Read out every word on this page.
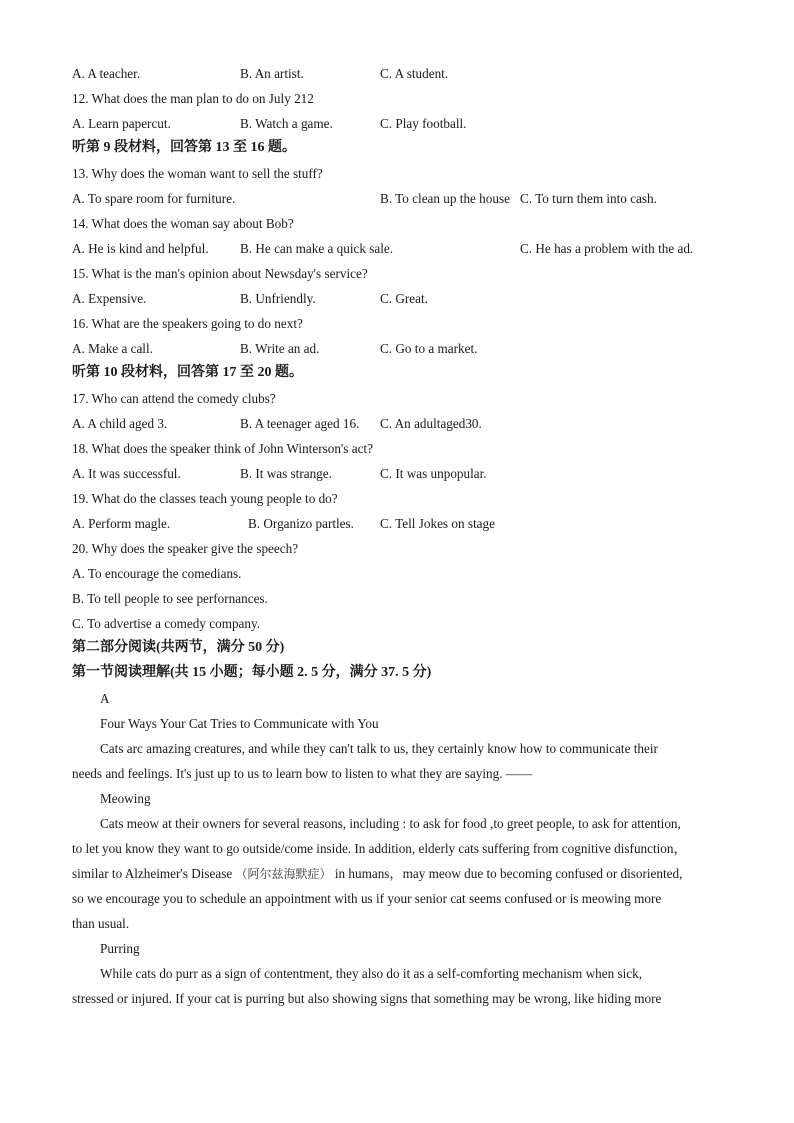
A. A teacher.	B. An artist.	C. A student.
12. What does the man plan to do on July 212
A. Learn papercut.	B. Watch a game.	C. Play football.
听第 9 段材料，回答第 13 至 16 题。
13. Why does the woman want to sell the stuff?
A. To spare room for furniture.	B. To clean up the house C. To turn them into cash.
14. What does the woman say about Bob?
A. He is kind and helpful. B. He can make a quick sale.	C. He has a problem with the ad.
15. What is the man's opinion about Newsday's service?
A. Expensive.	B. Unfriendly.	C. Great.
16. What are the speakers going to do next?
A. Make a call.	B. Write an ad.	C. Go to a market.
听第 10 段材料，回答第 17 至 20 题。
17. Who can attend the comedy clubs?
A. A child aged 3.	B. A teenager aged 16. C. An adultaged30.
18. What does the speaker think of John Winterson's act?
A. It was successful.	B. It was strange.	C. It was unpopular.
19. What do the classes teach young people to do?
A. Perform magle.	B. Organizo partles. C. Tell Jokes on stage
20. Why does the speaker give the speech?
A. To encourage the comedians.
B. To tell people to see perfornances.
C. To advertise a comedy company.
第二部分阅读(共两节，满分 50 分)
第一节阅读理解(共 15 小题；每小题 2. 5 分，满分 37. 5 分)
A
Four Ways Your Cat Tries to Communicate with You
Cats arc amazing creatures, and while they can't talk to us, they certainly know how to communicate their
needs and feelings. It's just up to us to learn bow to listen to what they are saying. ——
Meowing
Cats meow at their owners for several reasons, including : to ask for food ,to greet people, to ask for attention,
to let you know they want to go outside/come inside. In addition, elderly cats suffering from cognitive disfunction，
similar to Alzheimer's Disease （阿尔兹海默症） in humans，may meow due to becoming confused or disoriented,
so we encourage you to schedule an appointment with us if your senior cat seems confused or is meowing more
than usual.
Purring
While cats do purr as a sign of contentment, they also do it as a self-comforting mechanism when sick,
stressed or injured. If your cat is purring but also showing signs that something may be wrong, like hiding more
